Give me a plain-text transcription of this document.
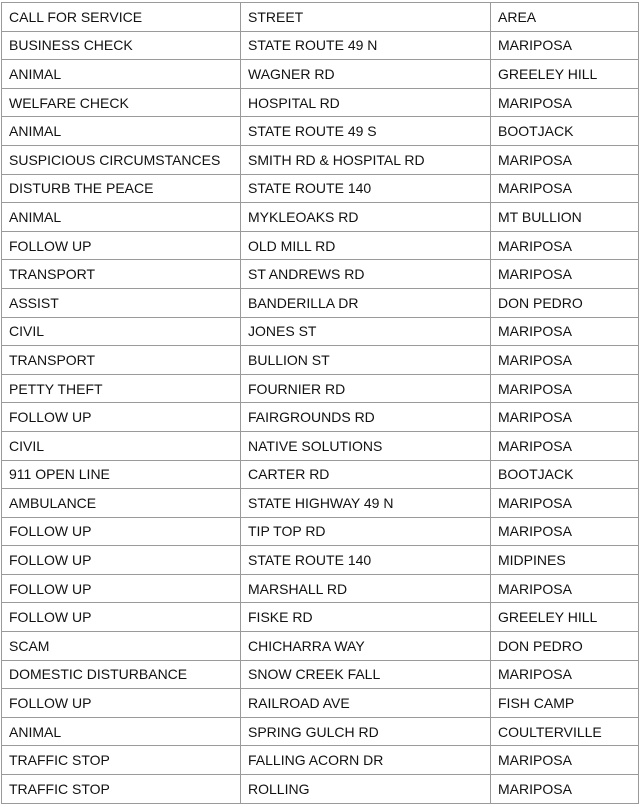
CALL FOR SERVICE	STREET	AREA
BUSINESS CHECK	STATE ROUTE 49 N	MARIPOSA
ANIMAL	WAGNER RD	GREELEY HILL
WELFARE CHECK	HOSPITAL RD	MARIPOSA
ANIMAL	STATE ROUTE 49 S	BOOTJACK
SUSPICIOUS CIRCUMSTANCES	SMITH RD & HOSPITAL RD	MARIPOSA
DISTURB THE PEACE	STATE ROUTE 140	MARIPOSA
ANIMAL	MYKLEOAKS RD	MT BULLION
FOLLOW UP	OLD MILL RD	MARIPOSA
TRANSPORT	ST ANDREWS RD	MARIPOSA
ASSIST	BANDERILLA DR	DON PEDRO
CIVIL	JONES ST	MARIPOSA
TRANSPORT	BULLION ST	MARIPOSA
PETTY THEFT	FOURNIER RD	MARIPOSA
FOLLOW UP	FAIRGROUNDS RD	MARIPOSA
CIVIL	NATIVE SOLUTIONS	MARIPOSA
911 OPEN LINE	CARTER RD	BOOTJACK
AMBULANCE	STATE HIGHWAY 49 N	MARIPOSA
FOLLOW UP	TIP TOP RD	MARIPOSA
FOLLOW UP	STATE ROUTE 140	MIDPINES
FOLLOW UP	MARSHALL RD	MARIPOSA
FOLLOW UP	FISKE RD	GREELEY HILL
SCAM	CHICHARRA WAY	DON PEDRO
DOMESTIC DISTURBANCE	SNOW CREEK FALL	MARIPOSA
FOLLOW UP	RAILROAD AVE	FISH CAMP
ANIMAL	SPRING GULCH RD	COULTERVILLE
TRAFFIC STOP	FALLING ACORN DR	MARIPOSA
TRAFFIC STOP	ROLLING	MARIPOSA
